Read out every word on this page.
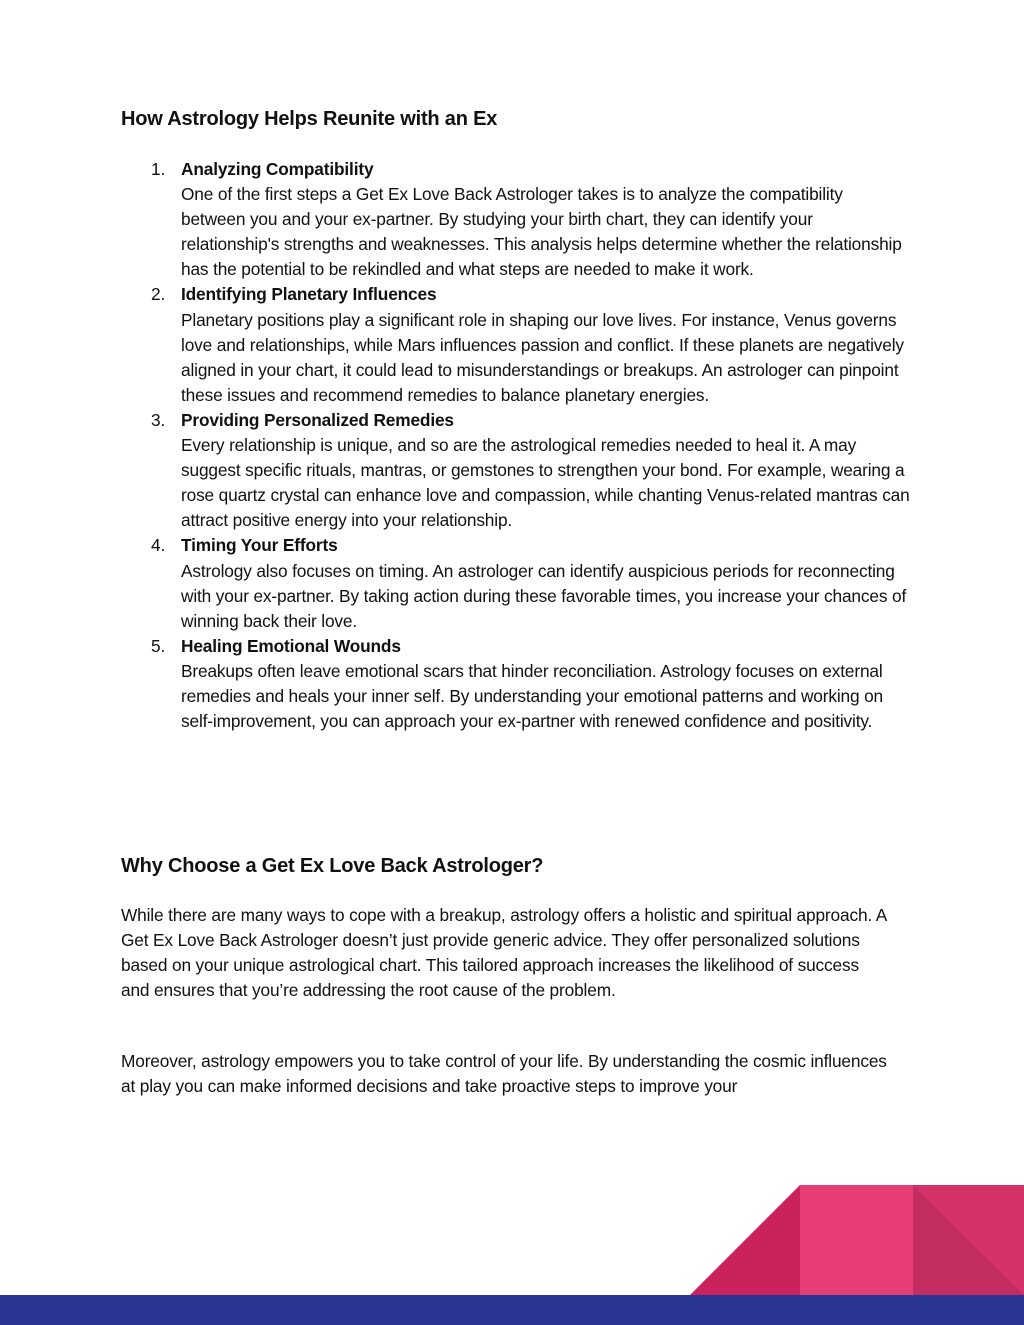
How Astrology Helps Reunite with an Ex
1. Analyzing Compatibility
One of the first steps a Get Ex Love Back Astrologer takes is to analyze the compatibility between you and your ex-partner. By studying your birth chart, they can identify your relationship's strengths and weaknesses. This analysis helps determine whether the relationship has the potential to be rekindled and what steps are needed to make it work.
2. Identifying Planetary Influences
Planetary positions play a significant role in shaping our love lives. For instance, Venus governs love and relationships, while Mars influences passion and conflict. If these planets are negatively aligned in your chart, it could lead to misunderstandings or breakups. An astrologer can pinpoint these issues and recommend remedies to balance planetary energies.
3. Providing Personalized Remedies
Every relationship is unique, and so are the astrological remedies needed to heal it. A may suggest specific rituals, mantras, or gemstones to strengthen your bond. For example, wearing a rose quartz crystal can enhance love and compassion, while chanting Venus-related mantras can attract positive energy into your relationship.
4. Timing Your Efforts
Astrology also focuses on timing. An astrologer can identify auspicious periods for reconnecting with your ex-partner. By taking action during these favorable times, you increase your chances of winning back their love.
5. Healing Emotional Wounds
Breakups often leave emotional scars that hinder reconciliation. Astrology focuses on external remedies and heals your inner self. By understanding your emotional patterns and working on self-improvement, you can approach your ex-partner with renewed confidence and positivity.
Why Choose a Get Ex Love Back Astrologer?

While there are many ways to cope with a breakup, astrology offers a holistic and spiritual approach. A Get Ex Love Back Astrologer doesn’t just provide generic advice. They offer personalized solutions based on your unique astrological chart. This tailored approach increases the likelihood of success and ensures that you’re addressing the root cause of the problem.

Moreover, astrology empowers you to take control of your life. By understanding the cosmic influences at play you can make informed decisions and take proactive steps to improve your
